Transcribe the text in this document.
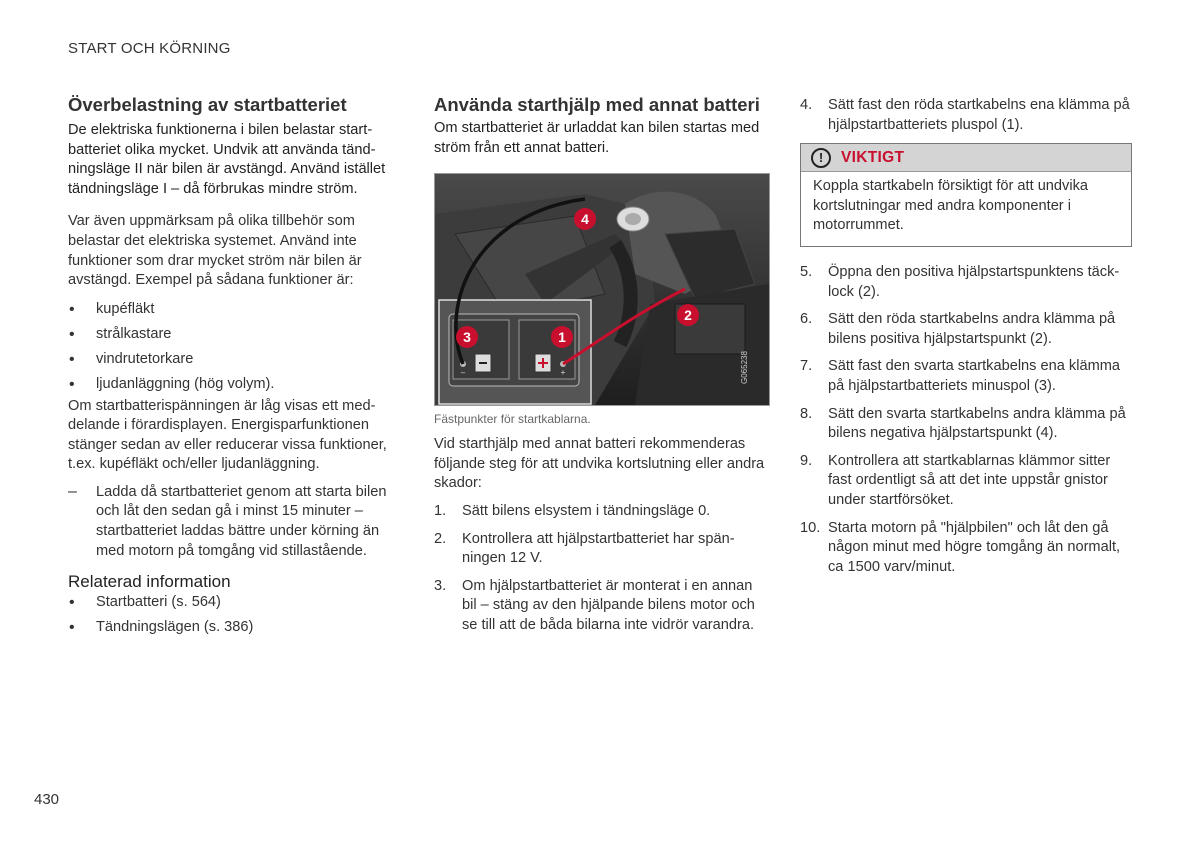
START OCH KÖRNING
Överbelastning av startbatteriet

De elektriska funktionerna i bilen belastar start-batteriet olika mycket. Undvik att använda tänd-ningsläge II när bilen är avstängd. Använd istället tändningsläge I – då förbrukas mindre ström.

Var även uppmärksam på olika tillbehör som belastar det elektriska systemet. Använd inte funktioner som drar mycket ström när bilen är avstängd. Exempel på sådana funktioner är:

• kupéfläkt
• strålkastare
• vindrutetorkare
• ljudanläggning (hög volym).

Om startbatterispänningen är låg visas ett med-delande i förardisplayen. Energisparfunktionen stänger sedan av eller reducerar vissa funktioner, t.ex. kupéfläkt och/eller ljudanläggning.

– Ladda då startbatteriet genom att starta bilen och låt den sedan gå i minst 15 minuter – startbatteriet laddas bättre under körning än med motorn på tomgång vid stillastående.

Relaterad information
• Startbatteri (s. 564)
• Tändningslägen (s. 386)
Använda starthjälp med annat batteri

Om startbatteriet är urladdat kan bilen startas med ström från ett annat batteri.

G065238
–	+
4
2
3	1
Fästpunkter för startkablarna.

Vid starthjälp med annat batteri rekommenderas följande steg för att undvika kortslutning eller andra skador:

1. Sätt bilens elsystem i tändningsläge 0.
2. Kontrollera att hjälpstartbatteriet har spän-ningen 12 V.
3. Om hjälpstartbatteriet är monterat i en annan bil – stäng av den hjälpande bilens motor och se till att de båda bilarna inte vidrör varandra.
4. Sätt fast den röda startkabelns ena klämma på hjälpstartbatteriets pluspol (1).
!	VIKTIGT
Koppla startkabeln försiktigt för att undvika kortslutningar med andra komponenter i motorrummet.
5. Öppna den positiva hjälpstartspunktens täck-lock (2).
6. Sätt den röda startkabelns andra klämma på bilens positiva hjälpstartspunkt (2).
7. Sätt fast den svarta startkabelns ena klämma på hjälpstartbatteriets minuspol (3).
8. Sätt den svarta startkabelns andra klämma på bilens negativa hjälpstartspunkt (4).
9. Kontrollera att startkablarnas klämmor sitter fast ordentligt så att det inte uppstår gnistor under startförsöket.
10. Starta motorn på "hjälpbilen" och låt den gå någon minut med högre tomgång än normalt, ca 1500 varv/minut.
430
